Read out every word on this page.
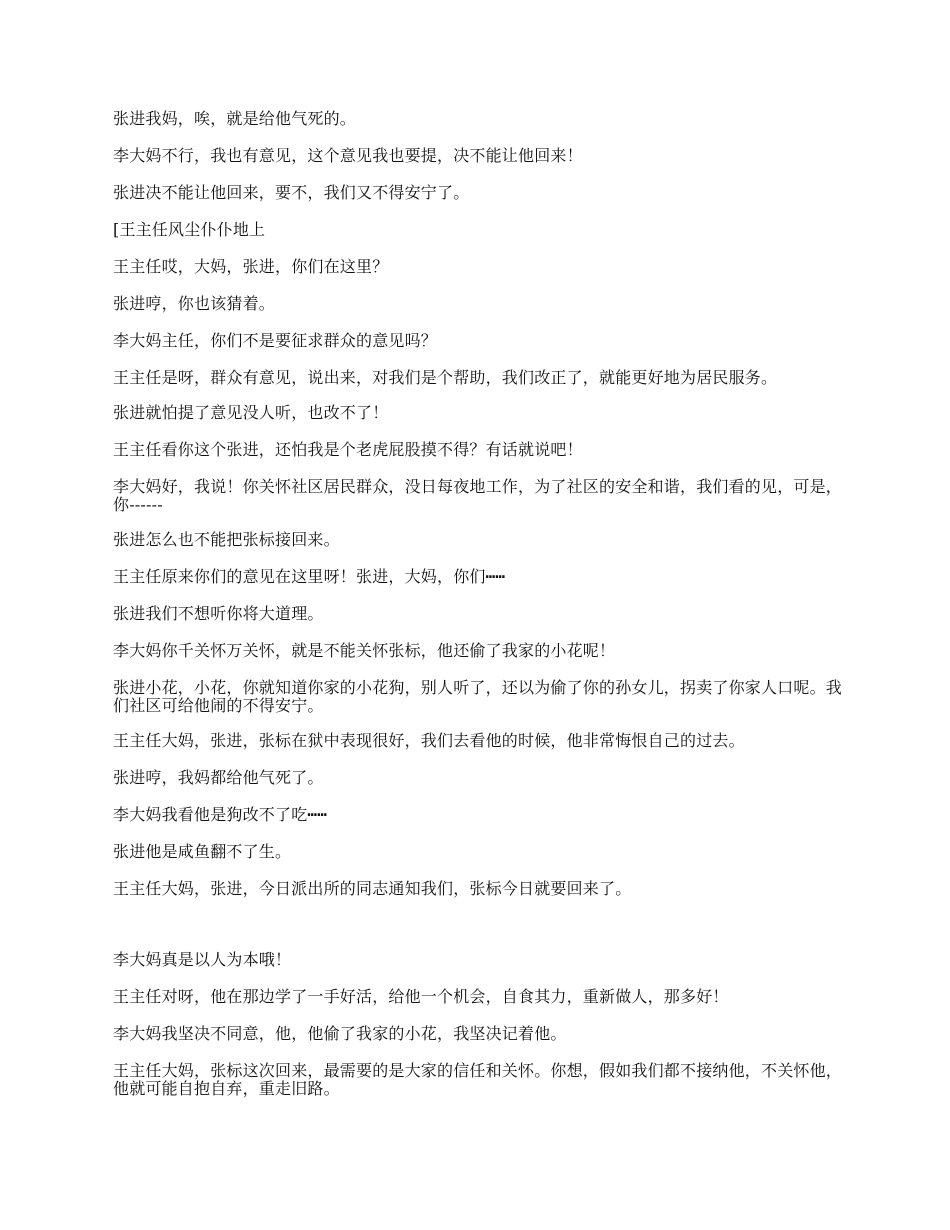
张进我妈，唉，就是给他气死的。

李大妈不行，我也有意见，这个意见我也要提，决不能让他回来！

张进决不能让他回来，要不，我们又不得安宁了。

[王主任风尘仆仆地上

王主任哎，大妈，张进，你们在这里？

张进哼，你也该猜着。

李大妈主任，你们不是要征求群众的意见吗？

王主任是呀，群众有意见，说出来，对我们是个帮助，我们改正了，就能更好地为居民服务。

张进就怕提了意见没人听，也改不了！

王主任看你这个张进，还怕我是个老虎屁股摸不得？有话就说吧！

李大妈好，我说！你关怀社区居民群众，没日每夜地工作，为了社区的安全和谐，我们看的见，可是，你------

张进怎么也不能把张标接回来。

王主任原来你们的意见在这里呀！张进，大妈，你们┅┅

张进我们不想听你将大道理。

李大妈你千关怀万关怀，就是不能关怀张标，他还偷了我家的小花呢！

张进小花，小花，你就知道你家的小花狗，别人听了，还以为偷了你的孙女儿，拐卖了你家人口呢。我们社区可给他闹的不得安宁。

王主任大妈，张进，张标在狱中表现很好，我们去看他的时候，他非常悔恨自己的过去。

张进哼，我妈都给他气死了。

李大妈我看他是狗改不了吃┅┅

张进他是咸鱼翻不了生。

王主任大妈，张进，今日派出所的同志通知我们，张标今日就要回来了。

李大妈真是以人为本哦！

王主任对呀，他在那边学了一手好活，给他一个机会，自食其力，重新做人，那多好！

李大妈我坚决不同意，他，他偷了我家的小花，我坚决记着他。

王主任大妈，张标这次回来，最需要的是大家的信任和关怀。你想，假如我们都不接纳他，不关怀他，他就可能自抱自弃，重走旧路。
